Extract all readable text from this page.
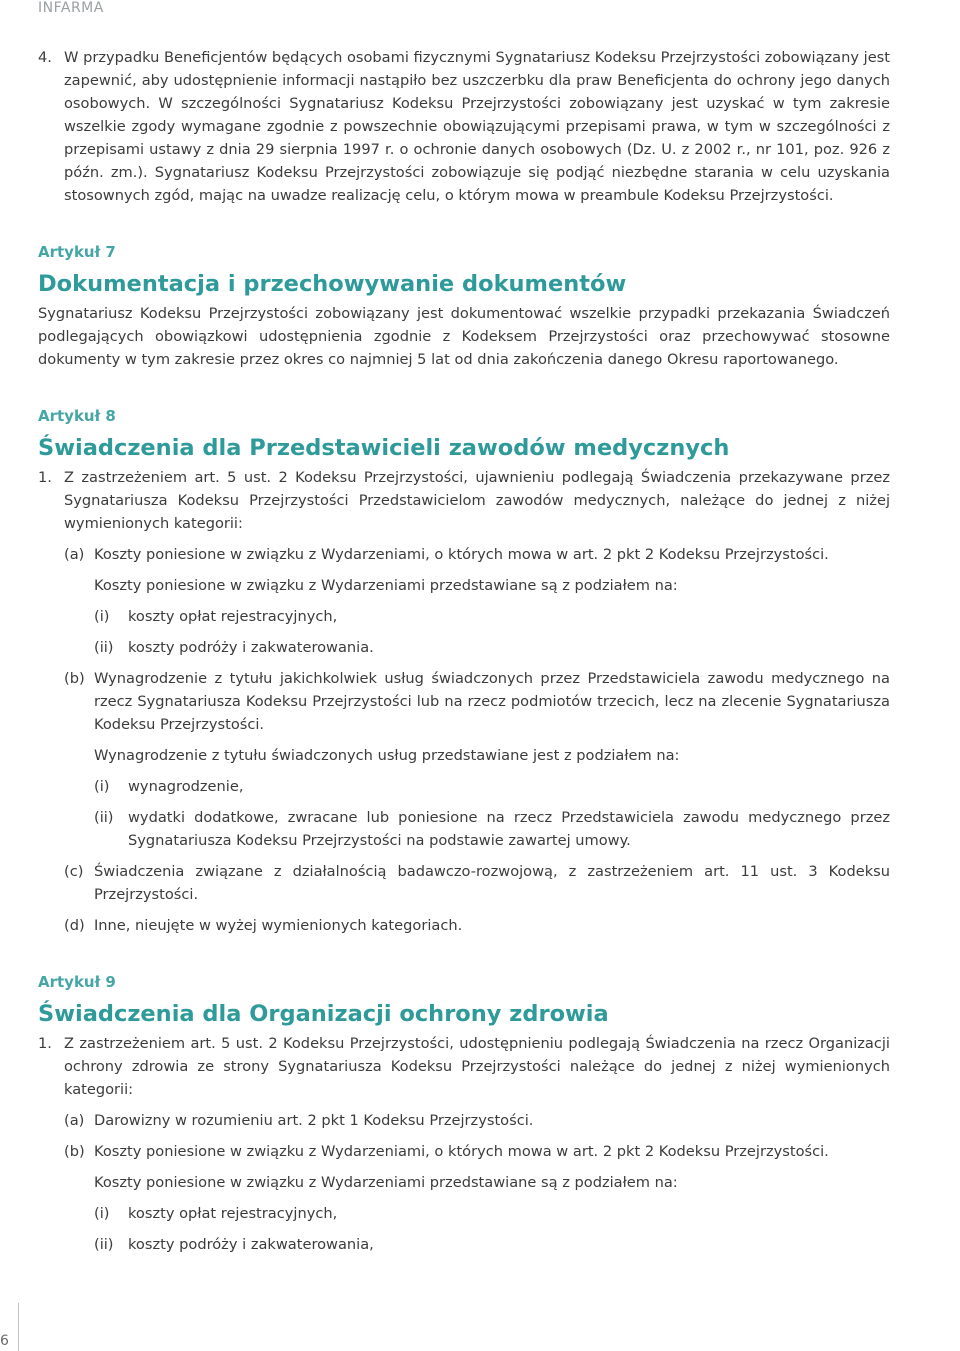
INFARMA
4. W przypadku Beneficjentów będących osobami fizycznymi Sygnatariusz Kodeksu Przejrzystości zobowiązany jest zapewnić, aby udostępnienie informacji nastąpiło bez uszczerbku dla praw Beneficjenta do ochrony jego danych osobowych. W szczególności Sygnatariusz Kodeksu Przejrzystości zobowiązany jest uzyskać w tym zakresie wszelkie zgody wymagane zgodnie z powszechnie obowiązującymi przepisami prawa, w tym w szczególności z przepisami ustawy z dnia 29 sierpnia 1997 r. o ochronie danych osobowych (Dz. U. z 2002 r., nr 101, poz. 926 z późn. zm.). Sygnatariusz Kodeksu Przejrzystości zobowiązuje się podjąć niezbędne starania w celu uzyskania stosownych zgód, mając na uwadze realizację celu, o którym mowa w preambule Kodeksu Przejrzystości.

Artykuł 7

Dokumentacja i przechowywanie dokumentów

Sygnatariusz Kodeksu Przejrzystości zobowiązany jest dokumentować wszelkie przypadki przekazania Świadczeń podlegających obowiązkowi udostępnienia zgodnie z Kodeksem Przejrzystości oraz przechowywać stosowne dokumenty w tym zakresie przez okres co najmniej 5 lat od dnia zakończenia danego Okresu raportowanego.

Artykuł 8

Świadczenia dla Przedstawicieli zawodów medycznych

1. Z zastrzeżeniem art. 5 ust. 2 Kodeksu Przejrzystości, ujawnieniu podlegają Świadczenia przekazywane przez Sygnatariusza Kodeksu Przejrzystości Przedstawicielom zawodów medycznych, należące do jednej z niżej wymienionych kategorii:

(a) Koszty poniesione w związku z Wydarzeniami, o których mowa w art. 2 pkt 2 Kodeksu Przejrzystości.

Koszty poniesione w związku z Wydarzeniami przedstawiane są z podziałem na:

(i)	koszty opłat rejestracyjnych,

(ii) koszty podróży i zakwaterowania.

(b) Wynagrodzenie z tytułu jakichkolwiek usług świadczonych przez Przedstawiciela zawodu medycznego na rzecz Sygnatariusza Kodeksu Przejrzystości lub na rzecz podmiotów trzecich, lecz na zlecenie Sygnatariusza Kodeksu Przejrzystości.

Wynagrodzenie z tytułu świadczonych usług przedstawiane jest z podziałem na:

(i)	wynagrodzenie,

(ii) wydatki dodatkowe, zwracane lub poniesione na rzecz Przedstawiciela zawodu medycznego przez Sygnatariusza Kodeksu Przejrzystości na podstawie zawartej umowy.

(c) Świadczenia związane z działalnością badawczo-rozwojową, z zastrzeżeniem art. 11 ust. 3 Kodeksu Przejrzystości.

(d) Inne, nieujęte w wyżej wymienionych kategoriach.

Artykuł 9

Świadczenia dla Organizacji ochrony zdrowia

1. Z zastrzeżeniem art. 5 ust. 2 Kodeksu Przejrzystości, udostępnieniu podlegają Świadczenia na rzecz Organizacji ochrony zdrowia ze strony Sygnatariusza Kodeksu Przejrzystości należące do jednej z niżej wymienionych kategorii:

(a) Darowizny w rozumieniu art. 2 pkt 1 Kodeksu Przejrzystości.

(b) Koszty poniesione w związku z Wydarzeniami, o których mowa w art. 2 pkt 2 Kodeksu Przejrzystości.

Koszty poniesione w związku z Wydarzeniami przedstawiane są z podziałem na:

(i)	koszty opłat rejestracyjnych,

(ii) koszty podróży i zakwaterowania,

6
